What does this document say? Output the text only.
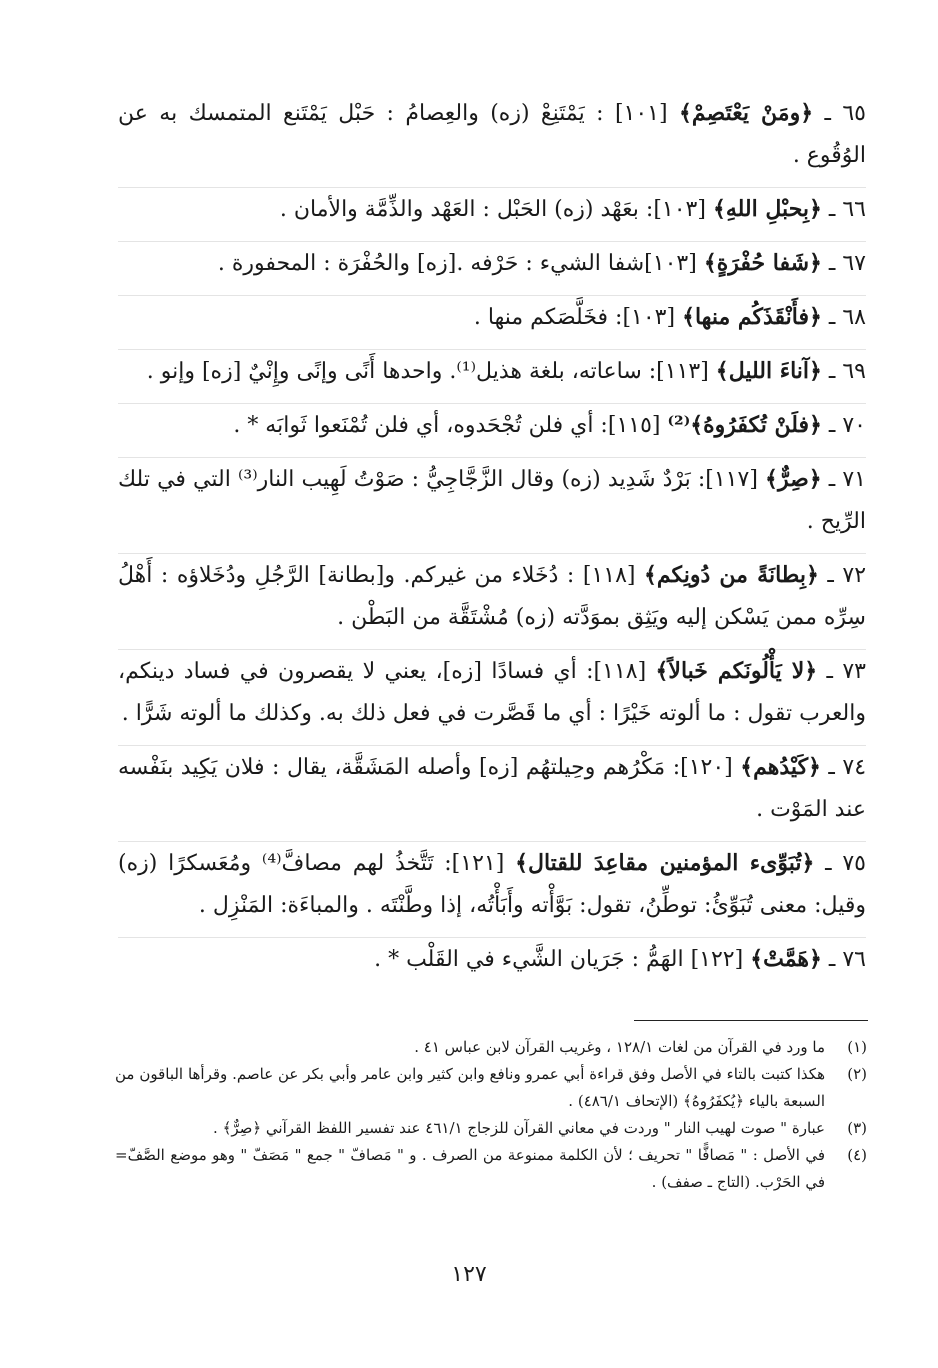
٦٥ ـ ﴿ومَنْ يَعْتَصِمْ﴾ [١٠١] : يَمْتَنِعْ (زه) والعِصامُ : حَبْل يَمْتَنع المتمسك به عن الوُقُوع .

٦٦ ـ ﴿بِحبْلِ اللهِ﴾ [١٠٣]: بعَهْد (زه) الحَبْل : العَهْد والذِّمَّة والأمان .

٦٧ ـ ﴿شَفا حُفْرَةٍ﴾ [١٠٣]شفا الشيء : حَرْفه .[زه] والحُفْرَة : المحفورة .

٦٨ ـ ﴿فأَنْقَذَكُم منها﴾ [١٠٣]: فخَلَّصَكم منها .

٦٩ ـ ﴿آناءَ الليل﴾ [١١٣]: ساعاته، بلغة هذيل⁽¹⁾. واحدها أَنًى وإنًى وإِنْيٌ [زه] وإنو .

٧٠ ـ ﴿فلَنْ تُكفَرُوهُ﴾⁽²⁾ [١١٥]: أي فلن تُجْحَدوه، أي فلن تُمْنَعوا ثَوابَه * .

٧١ ـ ﴿صِرٌّ﴾ [١١٧]: بَرْدٌ شَدِيد (زه) وقال الزَّجَّاجِيُّ : صَوْتُ لَهِيب النار⁽³⁾ التي في تلك الرِّيح .

٧٢ ـ ﴿بِطانَةً من دُونِكم﴾ [١١٨] : دُخَلاء من غيركم. و[بطانة] الرَّجُلِ ودُخَلاؤه : أَهْلُ سِرِّه ممن يَسْكن إليه ويَثِق بموَدَّته (زه) مُشْتَقَّة من البَطْن .

٧٣ ـ ﴿لا يَأْلُونَكم خَبالاً﴾ [١١٨]: أي فسادًا [زه]، يعني لا يقصرون في فساد دينكم، والعرب تقول : ما ألوته خَيْرًا : أي ما قَصَّرت في فعل ذلك به. وكذلك ما ألوته شَرًّا .

٧٤ ـ ﴿كَيْدُهم﴾ [١٢٠]: مَكْرُهم وحِيلتهُم [زه] وأصله المَشَقَّة، يقال : فلان يَكِيد بنَفْسه عند المَوْت .

٧٥ ـ ﴿تُبَوِّىء المؤمنين مقاعِدَ للقتال﴾ [١٢١]: تَتَّخذُ لهم مصافَّ⁽⁴⁾ ومُعَسكرًا (زه) وقيل: معنى تُبَوِّئُ: توطِّنُ، تقول: بَوَّأْته وأَبَأْتُه، إذا وطَّنْتَه . والمباءَة: المَنْزِل .

٧٦ ـ ﴿هَمَّتْ﴾ [١٢٢] الهَمُّ : جَرَيان الشَّيء في القَلْب * .

(١)
ما ورد في القرآن من لغات ١٢٨/١ ، وغريب القرآن لابن عباس ٤١ .

(٢)
هكذا كتبت بالتاء في الأصل وفق قراءة أبي عمرو ونافع وابن كثير وابن عامر وأبي بكر عن عاصم. وقرأها الباقون من السبعة بالياء ﴿يُكفَرُوهُ﴾ (الإتحاف ٤٨٦/١) .

(٣)
عبارة " صوت لهيب النار " وردت في معاني القرآن للزجاج ٤٦١/١ عند تفسير اللفظ القرآني ﴿صِرٌّ﴾ .

(٤)
في الأصل : " مَصافًّا " تحريف ؛ لأن الكلمة ممنوعة من الصرف . و " مَصافّ " جمع " مَصَفّ " وهو موضع الصَّفّ في الحَرْب. (التاج ـ صفف) .
=

١٢٧
